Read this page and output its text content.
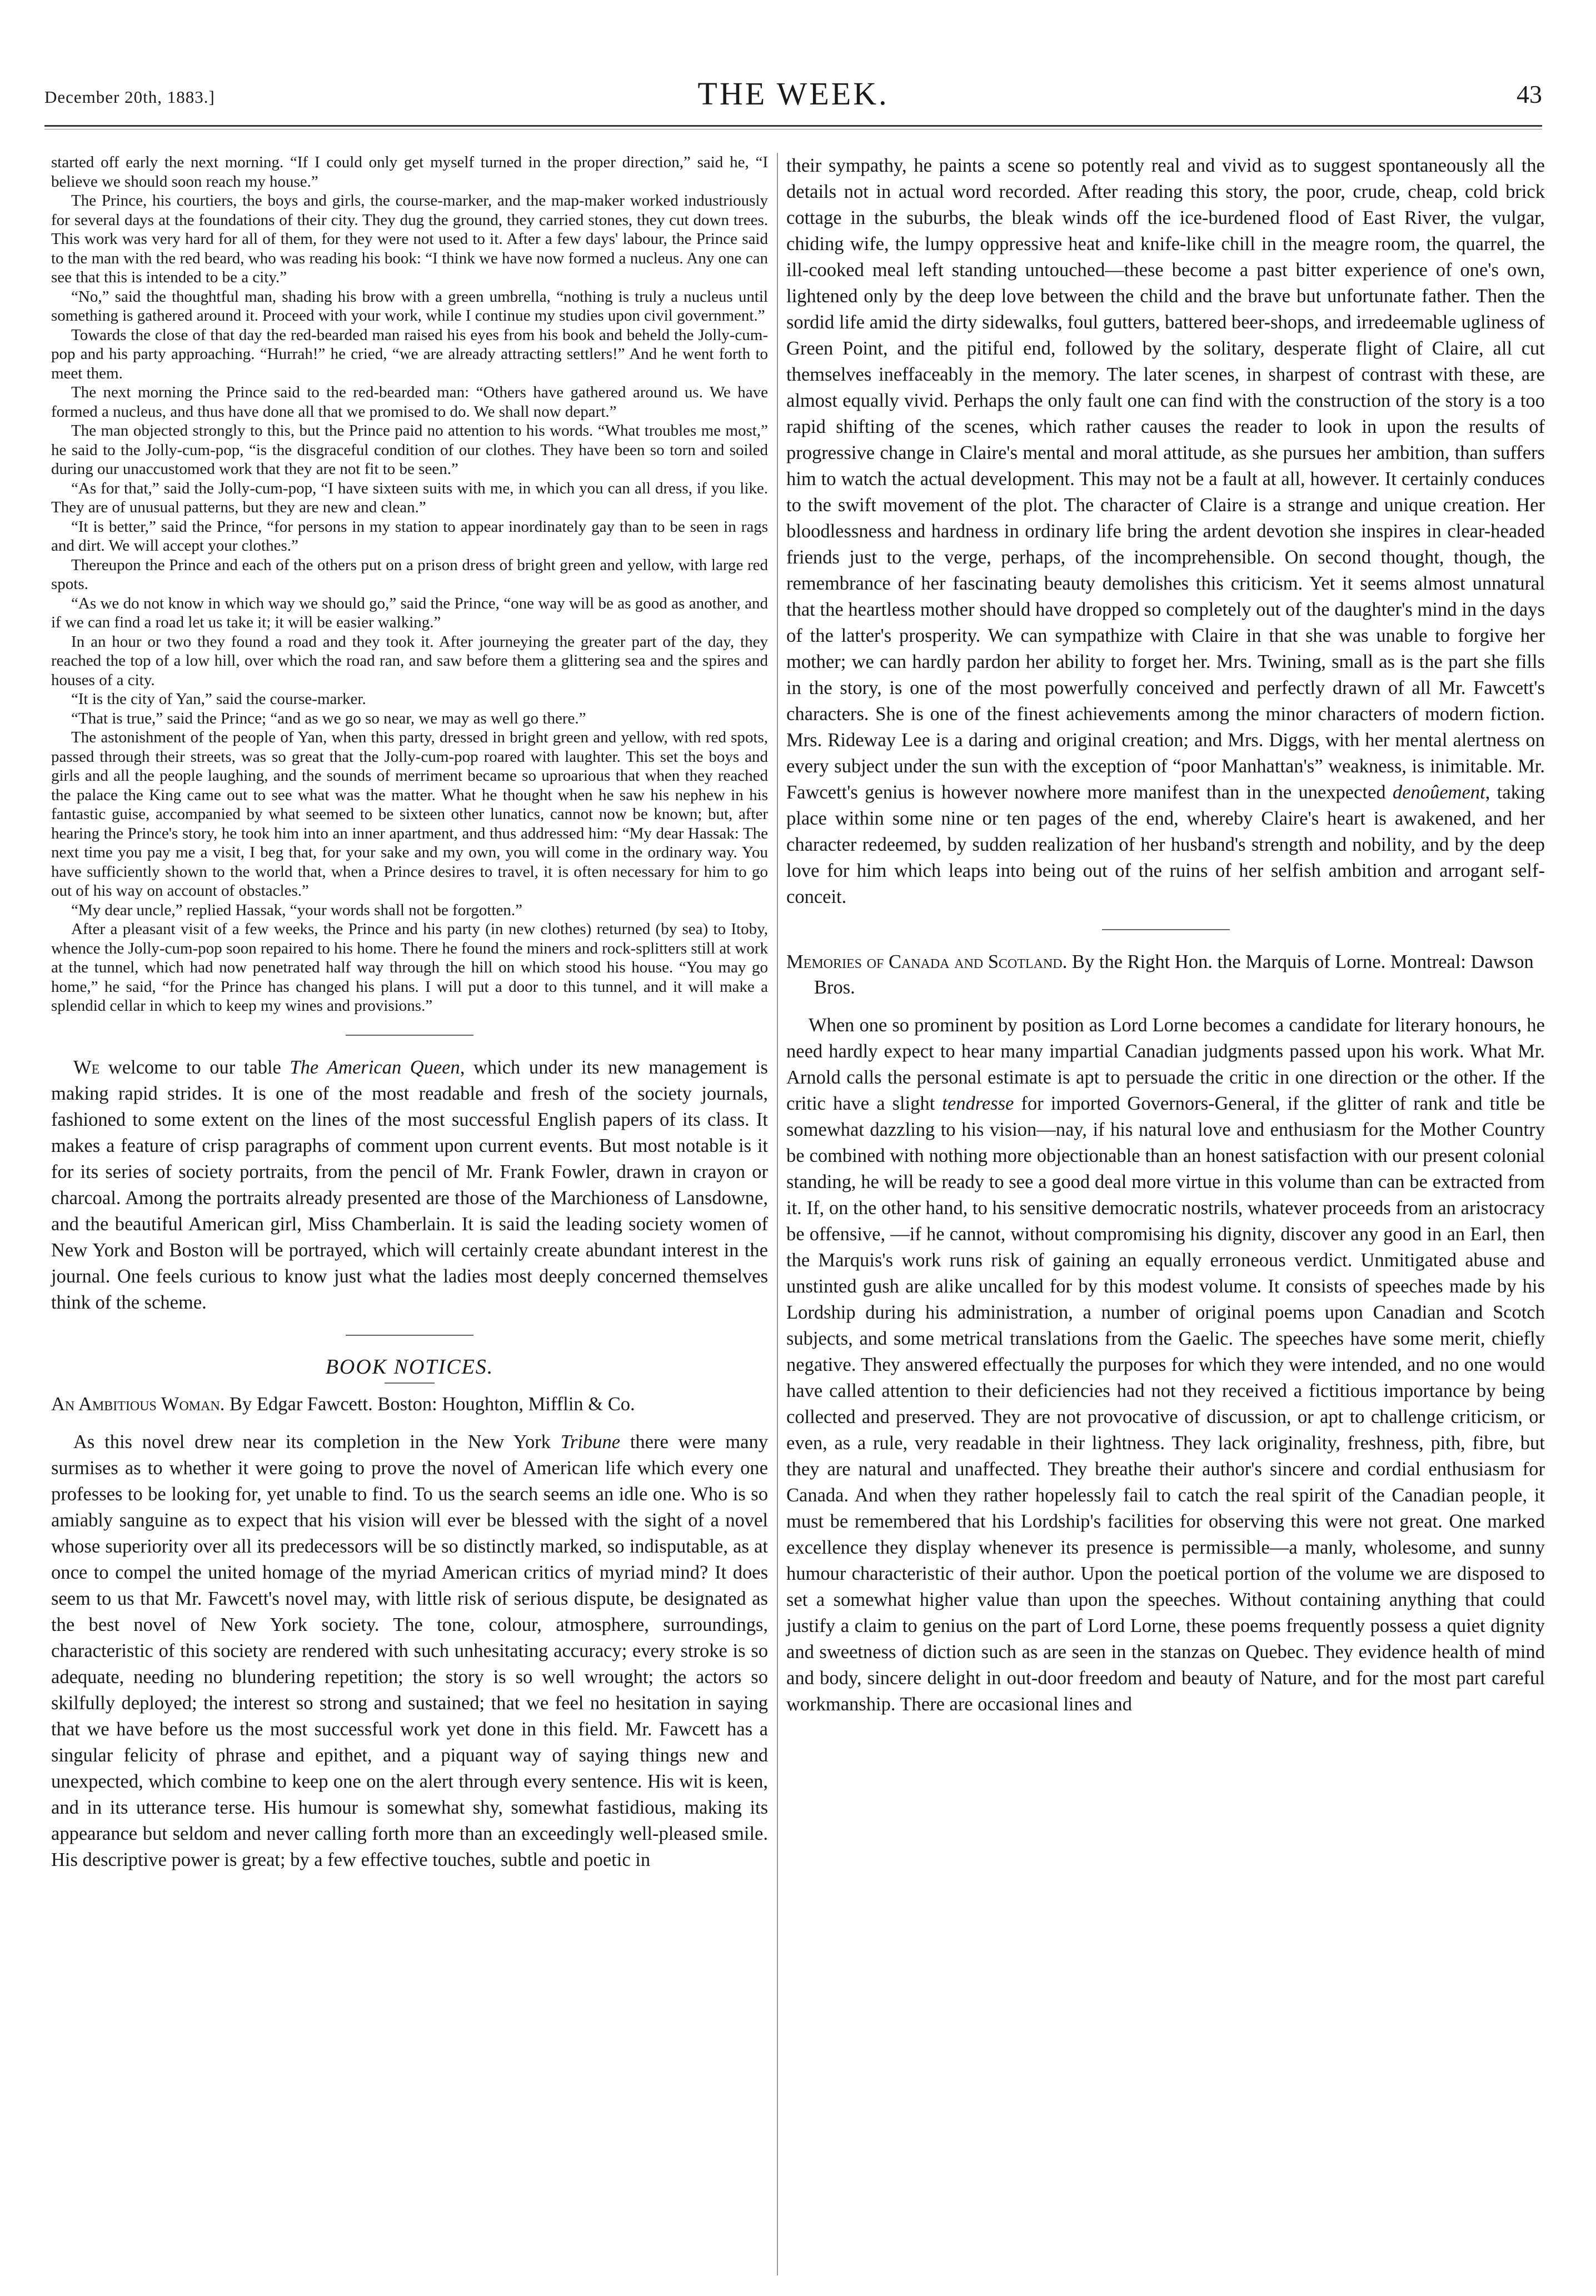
December 20th, 1883.]	THE WEEK.	43

started off early the next morning. “If I could only get myself turned in the proper direction,” said he, “I believe we should soon reach my house.”

The Prince, his courtiers, the boys and girls, the course-marker, and the map-maker worked industriously for several days at the foundations of their city. They dug the ground, they carried stones, they cut down trees. This work was very hard for all of them, for they were not used to it. After a few days' labour, the Prince said to the man with the red beard, who was reading his book: “I think we have now formed a nucleus. Any one can see that this is intended to be a city.”

“No,” said the thoughtful man, shading his brow with a green umbrella, “nothing is truly a nucleus until something is gathered around it. Proceed with your work, while I continue my studies upon civil government.”

Towards the close of that day the red-bearded man raised his eyes from his book and beheld the Jolly-cum-pop and his party approaching. “Hurrah!” he cried, “we are already attracting settlers!” And he went forth to meet them.

The next morning the Prince said to the red-bearded man: “Others have gathered around us. We have formed a nucleus, and thus have done all that we promised to do. We shall now depart.”

The man objected strongly to this, but the Prince paid no attention to his words. “What troubles me most,” he said to the Jolly-cum-pop, “is the disgraceful condition of our clothes. They have been so torn and soiled during our unaccustomed work that they are not fit to be seen.”

“As for that,” said the Jolly-cum-pop, “I have sixteen suits with me, in which you can all dress, if you like. They are of unusual patterns, but they are new and clean.”

“It is better,” said the Prince, “for persons in my station to appear inordinately gay than to be seen in rags and dirt. We will accept your clothes.”

Thereupon the Prince and each of the others put on a prison dress of bright green and yellow, with large red spots.

“As we do not know in which way we should go,” said the Prince, “one way will be as good as another, and if we can find a road let us take it; it will be easier walking.”

In an hour or two they found a road and they took it. After journeying the greater part of the day, they reached the top of a low hill, over which the road ran, and saw before them a glittering sea and the spires and houses of a city.

“It is the city of Yan,” said the course-marker.

“That is true,” said the Prince; “and as we go so near, we may as well go there.”

The astonishment of the people of Yan, when this party, dressed in bright green and yellow, with red spots, passed through their streets, was so great that the Jolly-cum-pop roared with laughter. This set the boys and girls and all the people laughing, and the sounds of merriment became so uproarious that when they reached the palace the King came out to see what was the matter. What he thought when he saw his nephew in his fantastic guise, accompanied by what seemed to be sixteen other lunatics, cannot now be known; but, after hearing the Prince's story, he took him into an inner apartment, and thus addressed him: “My dear Hassak: The next time you pay me a visit, I beg that, for your sake and my own, you will come in the ordinary way. You have sufficiently shown to the world that, when a Prince desires to travel, it is often necessary for him to go out of his way on account of obstacles.”

“My dear uncle,” replied Hassak, “your words shall not be forgotten.”

After a pleasant visit of a few weeks, the Prince and his party (in new clothes) returned (by sea) to Itoby, whence the Jolly-cum-pop soon repaired to his home. There he found the miners and rock-splitters still at work at the tunnel, which had now penetrated half way through the hill on which stood his house. “You may go home,” he said, “for the Prince has changed his plans. I will put a door to this tunnel, and it will make a splendid cellar in which to keep my wines and provisions.”

We welcome to our table The American Queen, which under its new management is making rapid strides. It is one of the most readable and fresh of the society journals, fashioned to some extent on the lines of the most successful English papers of its class. It makes a feature of crisp paragraphs of comment upon current events. But most notable is it for its series of society portraits, from the pencil of Mr. Frank Fowler, drawn in crayon or charcoal. Among the portraits already presented are those of the Marchioness of Lansdowne, and the beautiful American girl, Miss Chamberlain. It is said the leading society women of New York and Boston will be portrayed, which will certainly create abundant interest in the journal. One feels curious to know just what the ladies most deeply concerned themselves think of the scheme.

BOOK NOTICES.
An Ambitious Woman. By Edgar Fawcett. Boston: Houghton, Mifflin & Co.

As this novel drew near its completion in the New York Tribune there were many surmises as to whether it were going to prove the novel of American life which every one professes to be looking for, yet unable to find. To us the search seems an idle one. Who is so amiably sanguine as to expect that his vision will ever be blessed with the sight of a novel whose superiority over all its predecessors will be so distinctly marked, so indisputable, as at once to compel the united homage of the myriad American critics of myriad mind? It does seem to us that Mr. Fawcett's novel may, with little risk of serious dispute, be designated as the best novel of New York society. The tone, colour, atmosphere, surroundings, characteristic of this society are rendered with such unhesitating accuracy; every stroke is so adequate, needing no blundering repetition; the story is so well wrought; the actors so skilfully deployed; the interest so strong and sustained; that we feel no hesitation in saying that we have before us the most successful work yet done in this field. Mr. Fawcett has a singular felicity of phrase and epithet, and a piquant way of saying things new and unexpected, which combine to keep one on the alert through every sentence. His wit is keen, and in its utterance terse. His humour is somewhat shy, somewhat fastidious, making its appearance but seldom and never calling forth more than an exceedingly well-pleased smile. His descriptive power is great; by a few effective touches, subtle and poetic in

their sympathy, he paints a scene so potently real and vivid as to suggest spontaneously all the details not in actual word recorded. After reading this story, the poor, crude, cheap, cold brick cottage in the suburbs, the bleak winds off the ice-burdened flood of East River, the vulgar, chiding wife, the lumpy oppressive heat and knife-like chill in the meagre room, the quarrel, the ill-cooked meal left standing untouched—these become a past bitter experience of one's own, lightened only by the deep love between the child and the brave but unfortunate father. Then the sordid life amid the dirty sidewalks, foul gutters, battered beer-shops, and irredeemable ugliness of Green Point, and the pitiful end, followed by the solitary, desperate flight of Claire, all cut themselves ineffaceably in the memory. The later scenes, in sharpest of contrast with these, are almost equally vivid. Perhaps the only fault one can find with the construction of the story is a too rapid shifting of the scenes, which rather causes the reader to look in upon the results of progressive change in Claire's mental and moral attitude, as she pursues her ambition, than suffers him to watch the actual development. This may not be a fault at all, however. It certainly conduces to the swift movement of the plot. The character of Claire is a strange and unique creation. Her bloodlessness and hardness in ordinary life bring the ardent devotion she inspires in clear-headed friends just to the verge, perhaps, of the incomprehensible. On second thought, though, the remembrance of her fascinating beauty demolishes this criticism. Yet it seems almost unnatural that the heartless mother should have dropped so completely out of the daughter's mind in the days of the latter's prosperity. We can sympathize with Claire in that she was unable to forgive her mother; we can hardly pardon her ability to forget her. Mrs. Twining, small as is the part she fills in the story, is one of the most powerfully conceived and perfectly drawn of all Mr. Fawcett's characters. She is one of the finest achievements among the minor characters of modern fiction. Mrs. Rideway Lee is a daring and original creation; and Mrs. Diggs, with her mental alertness on every subject under the sun with the exception of “poor Manhattan's” weakness, is inimitable. Mr. Fawcett's genius is however nowhere more manifest than in the unexpected denoûement, taking place within some nine or ten pages of the end, whereby Claire's heart is awakened, and her character redeemed, by sudden realization of her husband's strength and nobility, and by the deep love for him which leaps into being out of the ruins of her selfish ambition and arrogant self-conceit.

Memories of Canada and Scotland. By the Right Hon. the Marquis of Lorne. Montreal: Dawson Bros.

When one so prominent by position as Lord Lorne becomes a candidate for literary honours, he need hardly expect to hear many impartial Canadian judgments passed upon his work. What Mr. Arnold calls the personal estimate is apt to persuade the critic in one direction or the other. If the critic have a slight tendresse for imported Governors-General, if the glitter of rank and title be somewhat dazzling to his vision—nay, if his natural love and enthusiasm for the Mother Country be combined with nothing more objectionable than an honest satisfaction with our present colonial standing, he will be ready to see a good deal more virtue in this volume than can be extracted from it. If, on the other hand, to his sensitive democratic nostrils, whatever proceeds from an aristocracy be offensive, —if he cannot, without compromising his dignity, discover any good in an Earl, then the Marquis's work runs risk of gaining an equally erroneous verdict. Unmitigated abuse and unstinted gush are alike uncalled for by this modest volume. It consists of speeches made by his Lordship during his administration, a number of original poems upon Canadian and Scotch subjects, and some metrical translations from the Gaelic. The speeches have some merit, chiefly negative. They answered effectually the purposes for which they were intended, and no one would have called attention to their deficiencies had not they received a fictitious importance by being collected and preserved. They are not provocative of discussion, or apt to challenge criticism, or even, as a rule, very readable in their lightness. They lack originality, freshness, pith, fibre, but they are natural and unaffected. They breathe their author's sincere and cordial enthusiasm for Canada. And when they rather hopelessly fail to catch the real spirit of the Canadian people, it must be remembered that his Lordship's facilities for observing this were not great. One marked excellence they display whenever its presence is permissible—a manly, wholesome, and sunny humour characteristic of their author. Upon the poetical portion of the volume we are disposed to set a somewhat higher value than upon the speeches. Without containing anything that could justify a claim to genius on the part of Lord Lorne, these poems frequently possess a quiet dignity and sweetness of diction such as are seen in the stanzas on Quebec. They evidence health of mind and body, sincere delight in out-door freedom and beauty of Nature, and for the most part careful workmanship. There are occasional lines and
